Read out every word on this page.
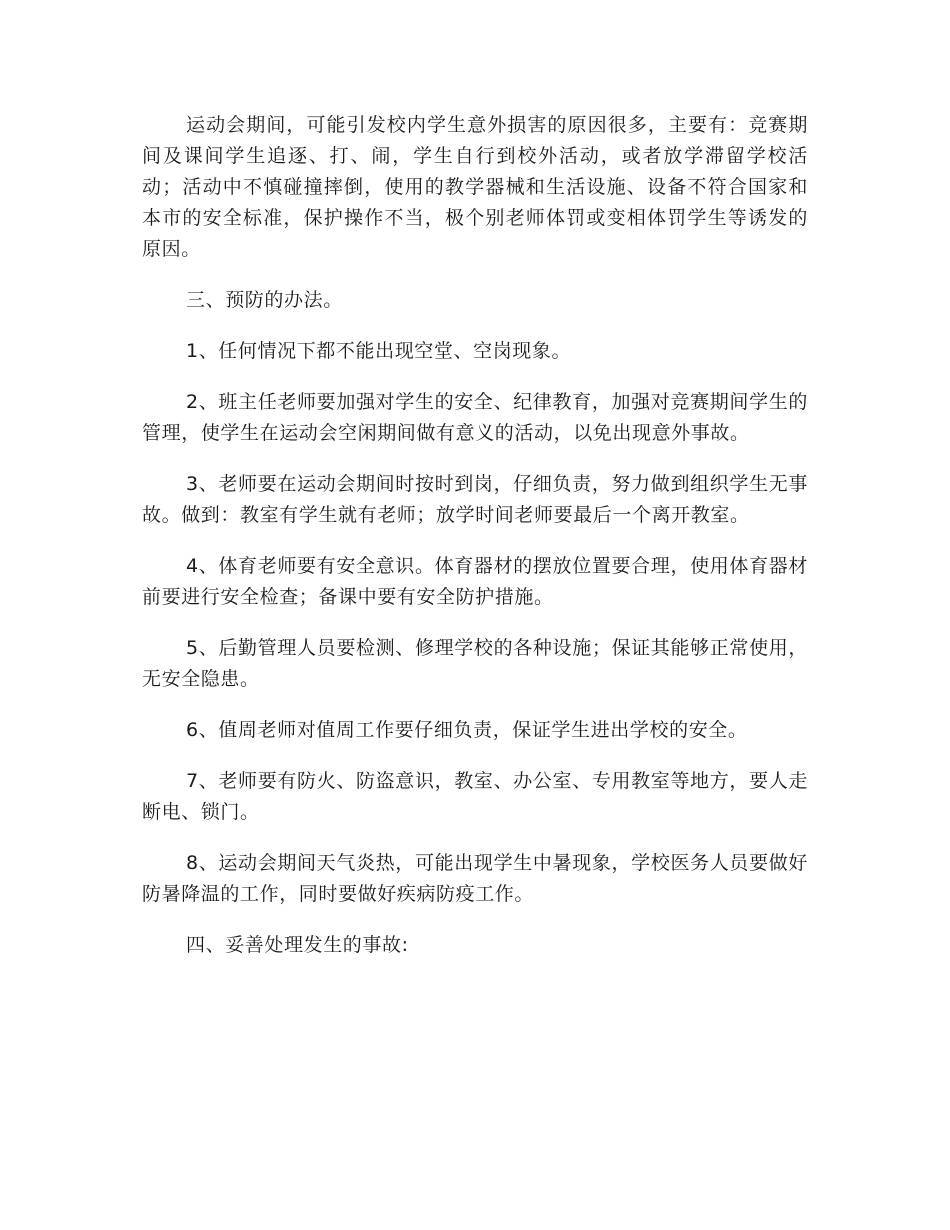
运动会期间，可能引发校内学生意外损害的原因很多，主要有：竞赛期间及课间学生追逐、打、闹，学生自行到校外活动，或者放学滞留学校活动；活动中不慎碰撞摔倒，使用的教学器械和生活设施、设备不符合国家和本市的安全标准，保护操作不当，极个别老师体罚或变相体罚学生等诱发的原因。

三、预防的办法。

1、任何情况下都不能出现空堂、空岗现象。

2、班主任老师要加强对学生的安全、纪律教育，加强对竞赛期间学生的管理，使学生在运动会空闲期间做有意义的活动，以免出现意外事故。

3、老师要在运动会期间时按时到岗，仔细负责，努力做到组织学生无事故。做到：教室有学生就有老师；放学时间老师要最后一个离开教室。

4、体育老师要有安全意识。体育器材的摆放位置要合理，使用体育器材前要进行安全检查；备课中要有安全防护措施。

5、后勤管理人员要检测、修理学校的各种设施；保证其能够正常使用，无安全隐患。

6、值周老师对值周工作要仔细负责，保证学生进出学校的安全。

7、老师要有防火、防盗意识，教室、办公室、专用教室等地方，要人走断电、锁门。

8、运动会期间天气炎热，可能出现学生中暑现象，学校医务人员要做好防暑降温的工作，同时要做好疾病防疫工作。

四、妥善处理发生的事故:
